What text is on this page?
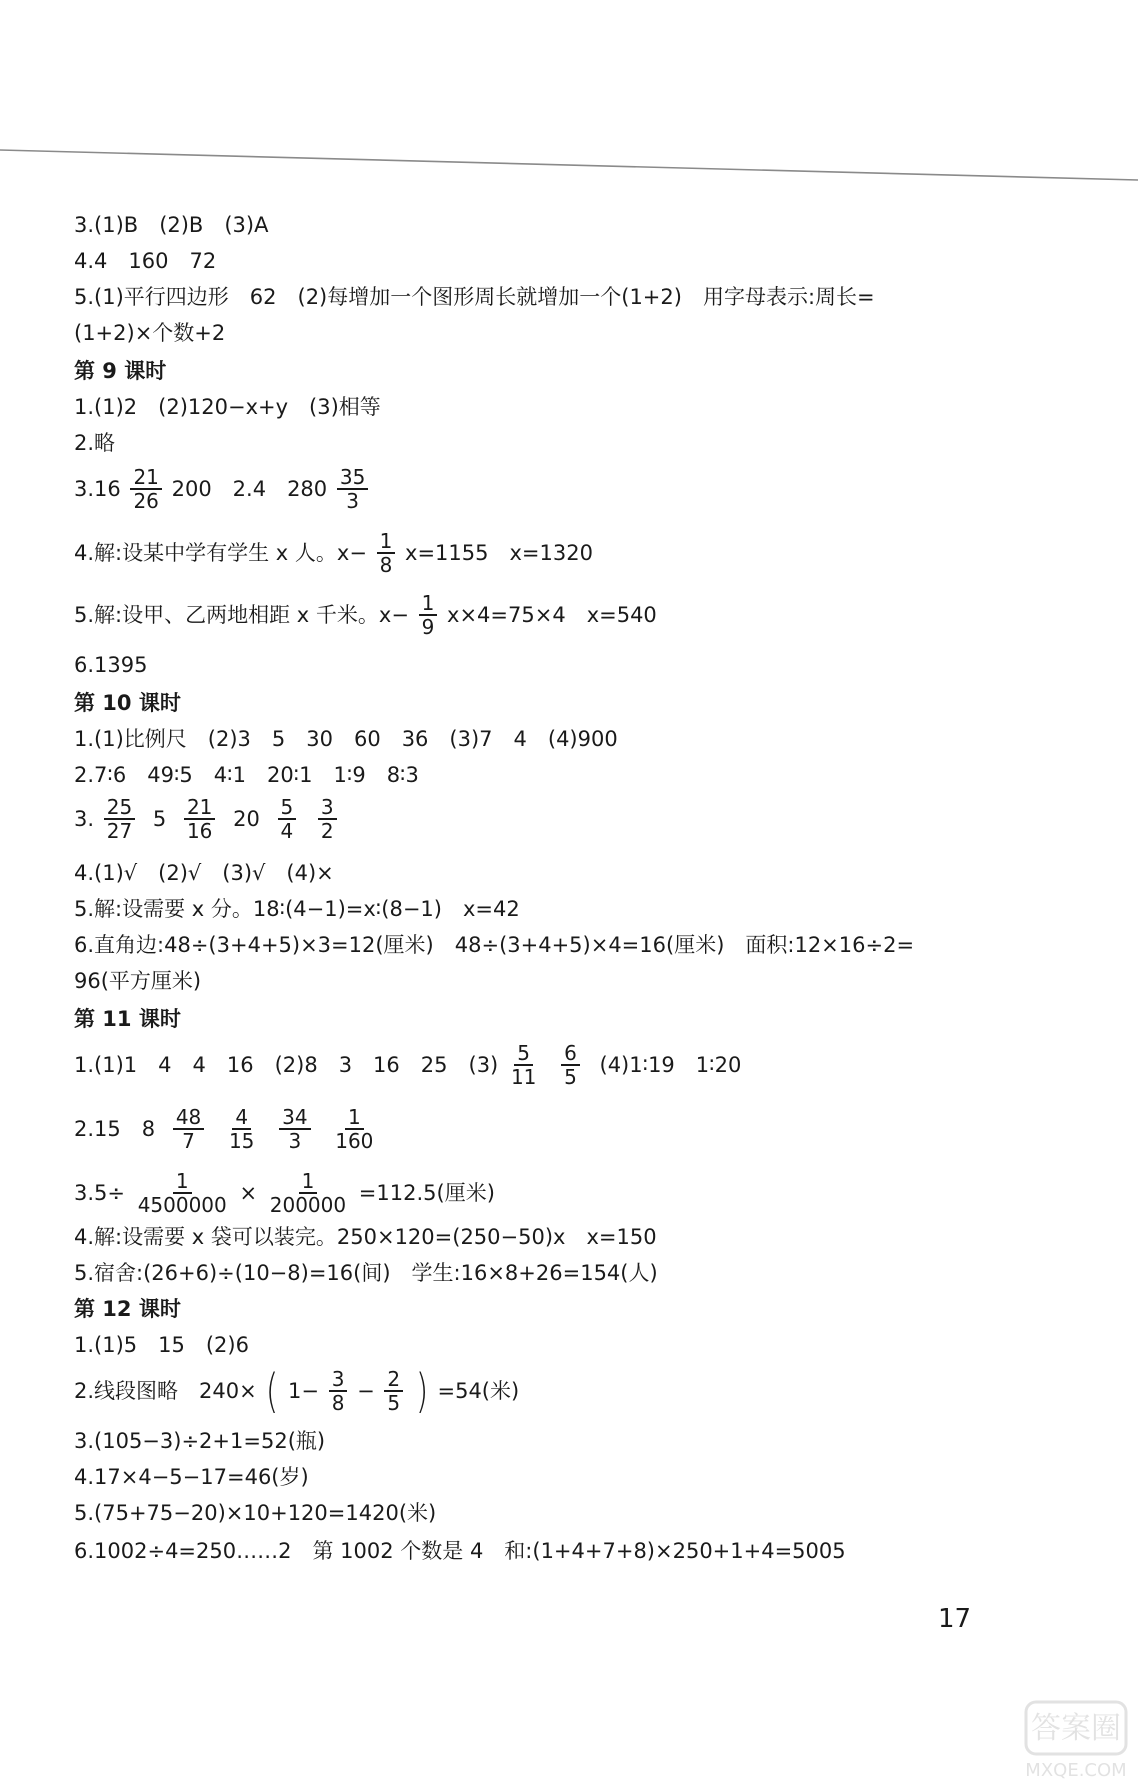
3.(1)B　(2)B　(3)A
4.4　160　72
5.(1)平行四边形　62　(2)每增加一个图形周长就增加一个(1+2)　用字母表示:周长=
(1+2)×个数+2
第 9 课时
1.(1)2　(2)120−x+y　(3)相等
2.略
$3.16 \frac{21}{26} 200$　2.4　$280 \frac{35}{3}$
4.解:设某中学有学生 x 人。$x- \frac{1}{8} x=1155$　x=1320
5.解:设甲、乙两地相距 x 千米。$x- \frac{1}{9} x\times 4=75\times 4$　x=540
6.1395
第 10 课时
1.(1)比例尺　(2)3　5　30　60　36　(3)7　4　(4)900
2.7∶6　49∶5　4∶1　20∶1　1∶9　8∶3
3. $\frac{25}{27} 5 \frac{21}{16} 20 \frac{5}{4}$
$\frac{3}{2}$
4.(1)√　(2)√　(3)√　(4)×
5.解:设需要 x 分。18∶(4−1)=x∶(8−1)　x=42
6.直角边:48÷(3+4+5)×3=12(厘米)　48÷(3+4+5)×4=16(厘米)　面积:12×16÷2=
96(平方厘米)
第 11 课时
1.(1)1　4　4　16　(2)8　3　16　25　$(3) \frac{5}{11}$
$\frac{6}{5}$ (4)1∶19　1∶20
2.15　$8 \frac{48}{7}$
$\frac{4}{15}$
$\frac{34}{3}$
$\frac{1}{160}$
$3.5\div \frac{1}{4500000} \times \frac{1}{200000} =112.5$(厘米)
4.解:设需要 x 袋可以装完。250×120=(250−50)x　x=150
5.宿舍:(26+6)÷(10−8)=16(间)　学生:16×8+26=154(人)
第 12 课时
1.(1)5　15　(2)6
2.线段图略　240× ( $1- \frac{3}{8} - \frac{2}{5}$ ) =54(米)
3.(105−3)÷2+1=52(瓶)
4.17×4−5−17=46(岁)
5.(75+75−20)×10+120=1420(米)
6.1002÷4=250……2　第 1002 个数是 4　和:(1+4+7+8)×250+1+4=5005
17
答案圈
MXQE.COM
